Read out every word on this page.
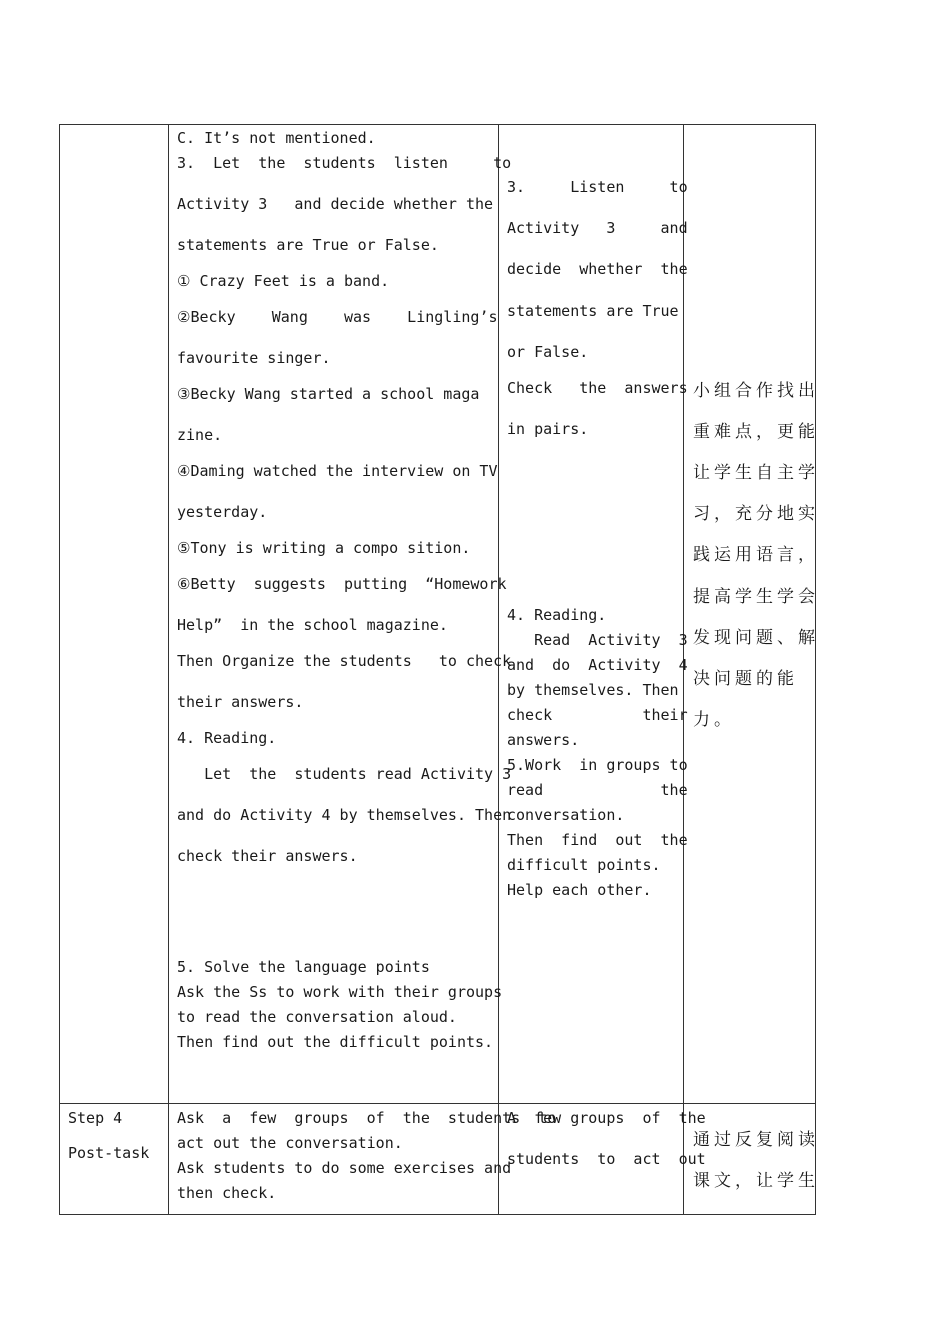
C. It’s not mentioned.

3.  Let  the  students  listen     to

Activity 3   and decide whether the

statements are True or False.

① Crazy Feet is a band.

②Becky    Wang    was    Lingling’s

favourite singer.

③Becky Wang started a school maga

zine.

④Daming watched the interview on TV

yesterday.

⑤Tony is writing a compo sition.

⑥Betty  suggests  putting  “Homework

Help”  in the school magazine.

Then Organize the students   to check

their answers.

4. Reading.

Let  the  students read Activity 3

and do Activity 4 by themselves. Then

check their answers.

5. Solve the language points

Ask the Ss to work with their groups

to read the conversation aloud.

Then find out the difficult points.

3.     Listen     to

Activity   3     and

decide  whether  the

statements are True

or False.

Check   the  answers

in pairs.

4. Reading.

Read  Activity  3

and  do  Activity  4

by themselves. Then

check          their

answers.

5.Work  in groups to

read             the

conversation.

Then  find  out  the

difficult points.

Help each other.

小组合作找出
重难点，更能
让学生自主学
习，充分地实
践运用语言，
提高学生学会
发现问题、解
决问题的能
力。

Step 4

Post-task

Ask  a  few  groups  of  the  students  to

act out the conversation.

Ask students to do some exercises and

then check.

A  few groups  of  the

students  to  act  out

通过反复阅读
课文，让学生
